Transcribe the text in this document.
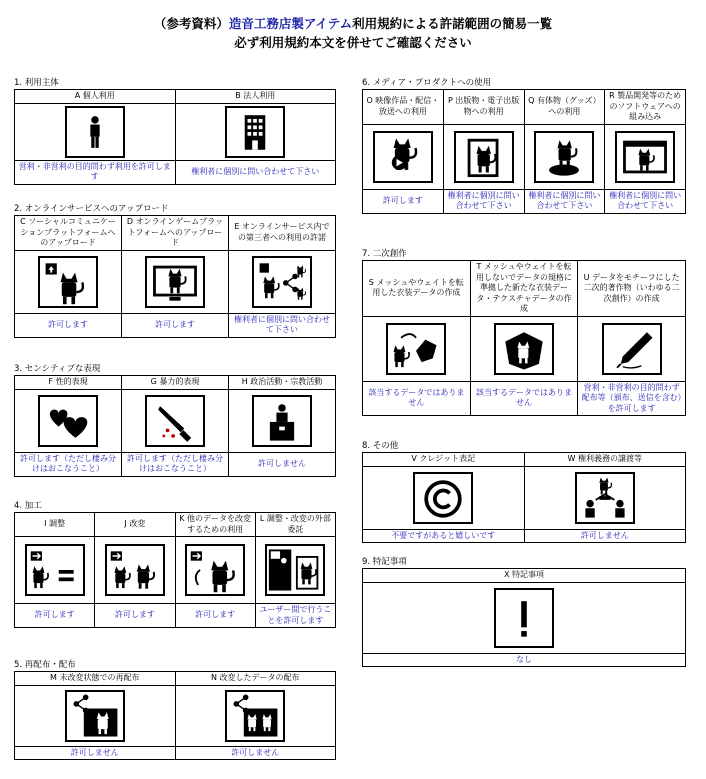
（参考資料）造音工務店製アイテム利用規約による許諾範囲の簡易一覧
必ず利用規約本文を併せてご確認ください
1. 利用主体
A 個人利用	B 法人利用

営利・非営利の目的問わず利用を許可します	権利者に個別に問い合わせて下さい
2. オンラインサービスへのアップロード
C ソーシャルコミュニケーションプラットフォームへのアップロード	D オンラインゲームプラットフォームへのアップロード	E オンラインサービス内での第三者への利用の許諾

許可します	許可します	権利者に個別に問い合わせて下さい
3. センシティブな表現
F 性的表現	G 暴力的表現	H 政治活動・宗教活動

許可します（ただし棲み分けはおこなうこと）	許可します（ただし棲み分けはおこなうこと）	許可しません
4. 加工
I 調整	J 改変	K 他のデータを改変するための利用	L 調整・改変の外部委託

許可します	許可します	許可します	ユーザー間で行うことを許可します
5. 再配布・配布
M 未改変状態での再配布	N 改変したデータの配布

許可しません	許可しません
6. メディア・プロダクトへの使用
O 映像作品・配信・放送への利用	P 出版物・電子出版物への利用	Q 有体物（グッズ）への利用	R 製品開発等のためのソフトウェアへの組み込み

許可します	権利者に個別に問い合わせて下さい	権利者に個別に問い合わせて下さい	権利者に個別に問い合わせて下さい
7. 二次創作
S メッシュやウェイトを転用した衣装データの作成	T メッシュやウェイトを転用しないでデータの規格に準拠した新たな衣装データ・テクスチャデータの作成	U データをモチーフにした二次的著作物（いわゆる二次創作）の作成

該当するデータではありません	該当するデータではありません	営利・非営利の目的問わず配布等（頒布、送信を含む）を許可します
8. その他
V クレジット表記	W 権利義務の譲渡等

不要ですがあると嬉しいです	許可しません
9. 特記事項
X 特記事項

なし
